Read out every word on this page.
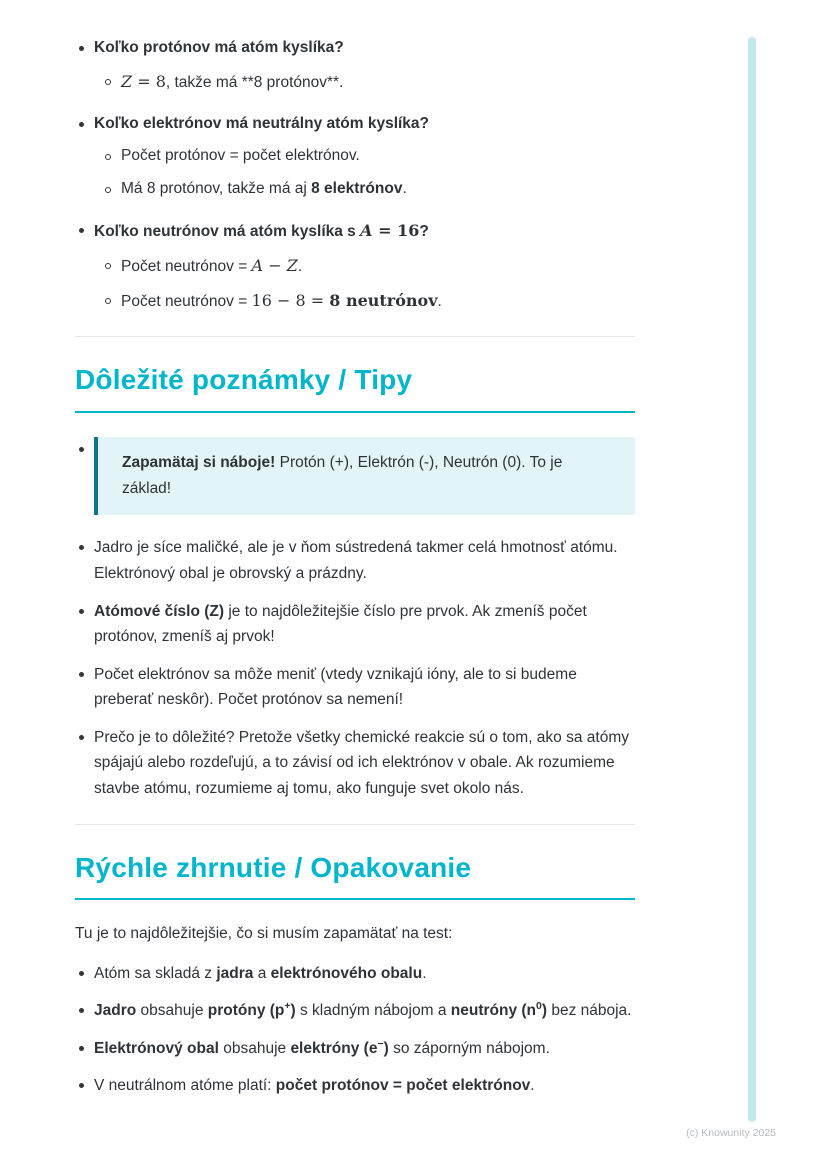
Koľko protónov má atóm kyslíka?

Z = 8, takže má **8 protónov**.

Koľko elektrónov má neutrálny atóm kyslíka?

Počet protónov = počet elektrónov.

Má 8 protónov, takže má aj 8 elektrónov.

Koľko neutrónov má atóm kyslíka s A = 16?

Počet neutrónov = A − Z.

Počet neutrónov = 16 − 8 = 8 neutrónov.

Dôležité poznámky / Tipy

Zapamätaj si náboje! Protón (+), Elektrón (-), Neutrón (0). To je základ!

Jadro je síce maličké, ale je v ňom sústredená takmer celá hmotnosť atómu. Elektrónový obal je obrovský a prázdny.

Atómové číslo (Z) je to najdôležitejšie číslo pre prvok. Ak zmeníš počet protónov, zmeníš aj prvok!

Počet elektrónov sa môže meniť (vtedy vznikajú ióny, ale to si budeme preberať neskôr). Počet protónov sa nemení!

Prečo je to dôležité? Pretože všetky chemické reakcie sú o tom, ako sa atómy spájajú alebo rozdeľujú, a to závisí od ich elektrónov v obale. Ak rozumieme stavbe atómu, rozumieme aj tomu, ako funguje svet okolo nás.

Rýchle zhrnutie / Opakovanie

Tu je to najdôležitejšie, čo si musím zapamätať na test:

Atóm sa skladá z jadra a elektrónového obalu.

Jadro obsahuje protóny (p+) s kladným nábojom a neutróny $(n^0)$ bez náboja.

Elektrónový obal obsahuje elektróny (e−) so záporným nábojom.

V neutrálnom atóme platí: počet protónov = počet elektrónov.

(c) Knowunity 2025
